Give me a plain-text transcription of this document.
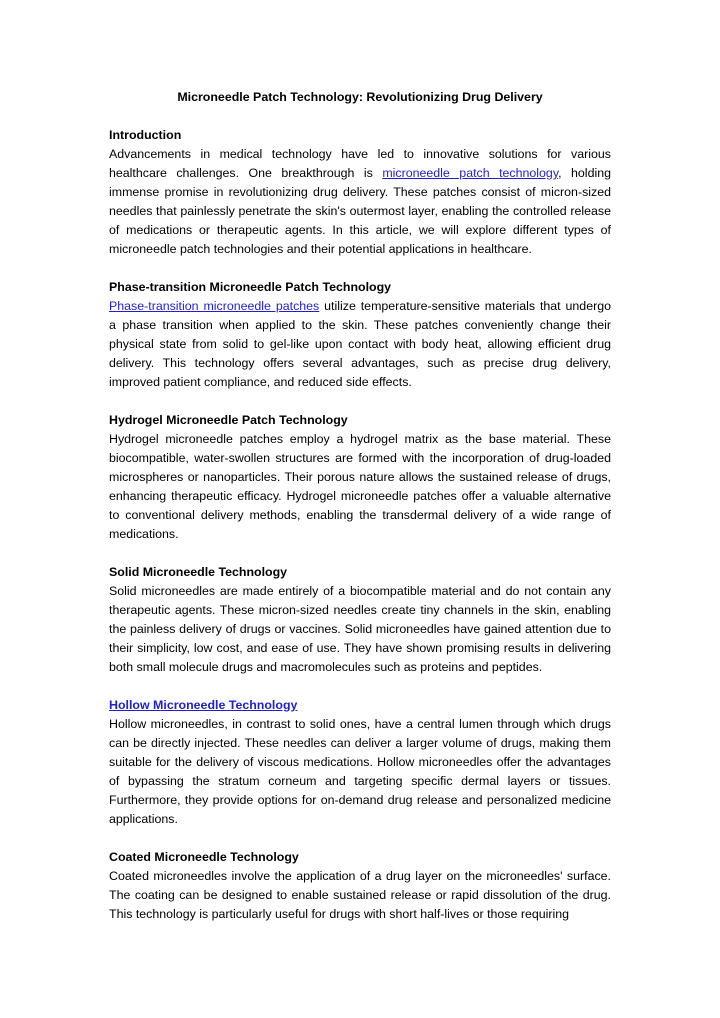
Microneedle Patch Technology: Revolutionizing Drug Delivery

Introduction

Advancements in medical technology have led to innovative solutions for various healthcare challenges. One breakthrough is microneedle patch technology, holding immense promise in revolutionizing drug delivery. These patches consist of micron-sized needles that painlessly penetrate the skin's outermost layer, enabling the controlled release of medications or therapeutic agents. In this article, we will explore different types of microneedle patch technologies and their potential applications in healthcare.

Phase-transition Microneedle Patch Technology

Phase-transition microneedle patches utilize temperature-sensitive materials that undergo a phase transition when applied to the skin. These patches conveniently change their physical state from solid to gel-like upon contact with body heat, allowing efficient drug delivery. This technology offers several advantages, such as precise drug delivery, improved patient compliance, and reduced side effects.

Hydrogel Microneedle Patch Technology

Hydrogel microneedle patches employ a hydrogel matrix as the base material. These biocompatible, water-swollen structures are formed with the incorporation of drug-loaded microspheres or nanoparticles. Their porous nature allows the sustained release of drugs, enhancing therapeutic efficacy. Hydrogel microneedle patches offer a valuable alternative to conventional delivery methods, enabling the transdermal delivery of a wide range of medications.

Solid Microneedle Technology

Solid microneedles are made entirely of a biocompatible material and do not contain any therapeutic agents. These micron-sized needles create tiny channels in the skin, enabling the painless delivery of drugs or vaccines. Solid microneedles have gained attention due to their simplicity, low cost, and ease of use. They have shown promising results in delivering both small molecule drugs and macromolecules such as proteins and peptides.

Hollow Microneedle Technology

Hollow microneedles, in contrast to solid ones, have a central lumen through which drugs can be directly injected. These needles can deliver a larger volume of drugs, making them suitable for the delivery of viscous medications. Hollow microneedles offer the advantages of bypassing the stratum corneum and targeting specific dermal layers or tissues. Furthermore, they provide options for on-demand drug release and personalized medicine applications.

Coated Microneedle Technology

Coated microneedles involve the application of a drug layer on the microneedles' surface. The coating can be designed to enable sustained release or rapid dissolution of the drug. This technology is particularly useful for drugs with short half-lives or those requiring
